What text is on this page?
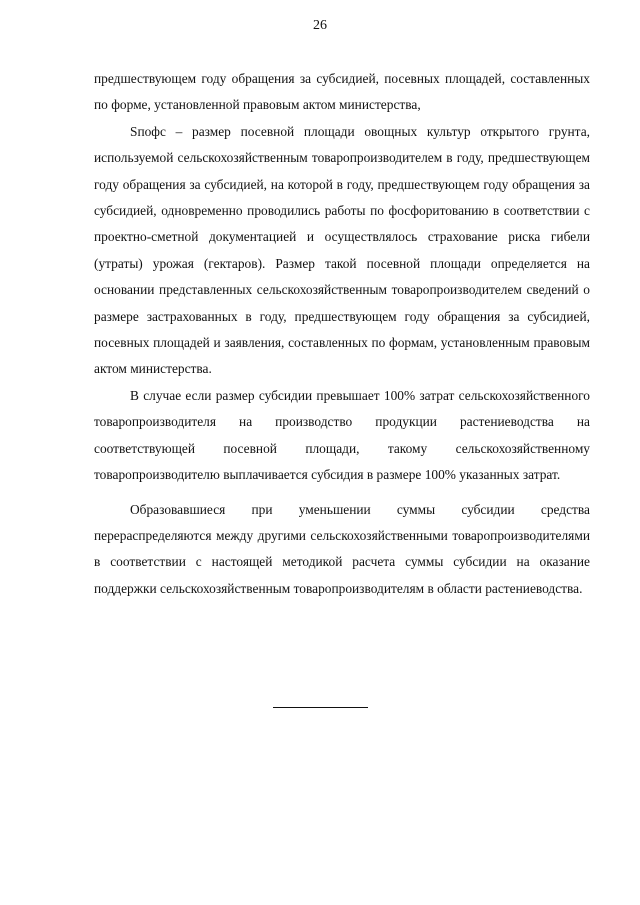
26

предшествующем году обращения за субсидией, посевных площадей, составленных по форме, установленной правовым актом министерства,

Sпофс – размер посевной площади овощных культур открытого грунта, используемой сельскохозяйственным товаропроизводителем в году, предшествующем году обращения за субсидией, на которой в году, предшествующем году обращения за субсидией, одновременно проводились работы по фосфоритованию в соответствии с проектно-сметной документацией и осуществлялось страхование риска гибели (утраты) урожая (гектаров). Размер такой посевной площади определяется на основании представленных сельскохозяйственным товаропроизводителем сведений о размере застрахованных в году, предшествующем году обращения за субсидией, посевных площадей и заявления, составленных по формам, установленным правовым актом министерства.

В случае если размер субсидии превышает 100% затрат сельскохозяйственного товаропроизводителя на производство продукции растениеводства на соответствующей посевной площади, такому сельскохозяйственному товаропроизводителю выплачивается субсидия в размере 100% указанных затрат.

Образовавшиеся при уменьшении суммы субсидии средства перераспределяются между другими сельскохозяйственными товаропроизводителями в соответствии с настоящей методикой расчета суммы субсидии на оказание поддержки сельскохозяйственным товаропроизводителям в области растениеводства.
